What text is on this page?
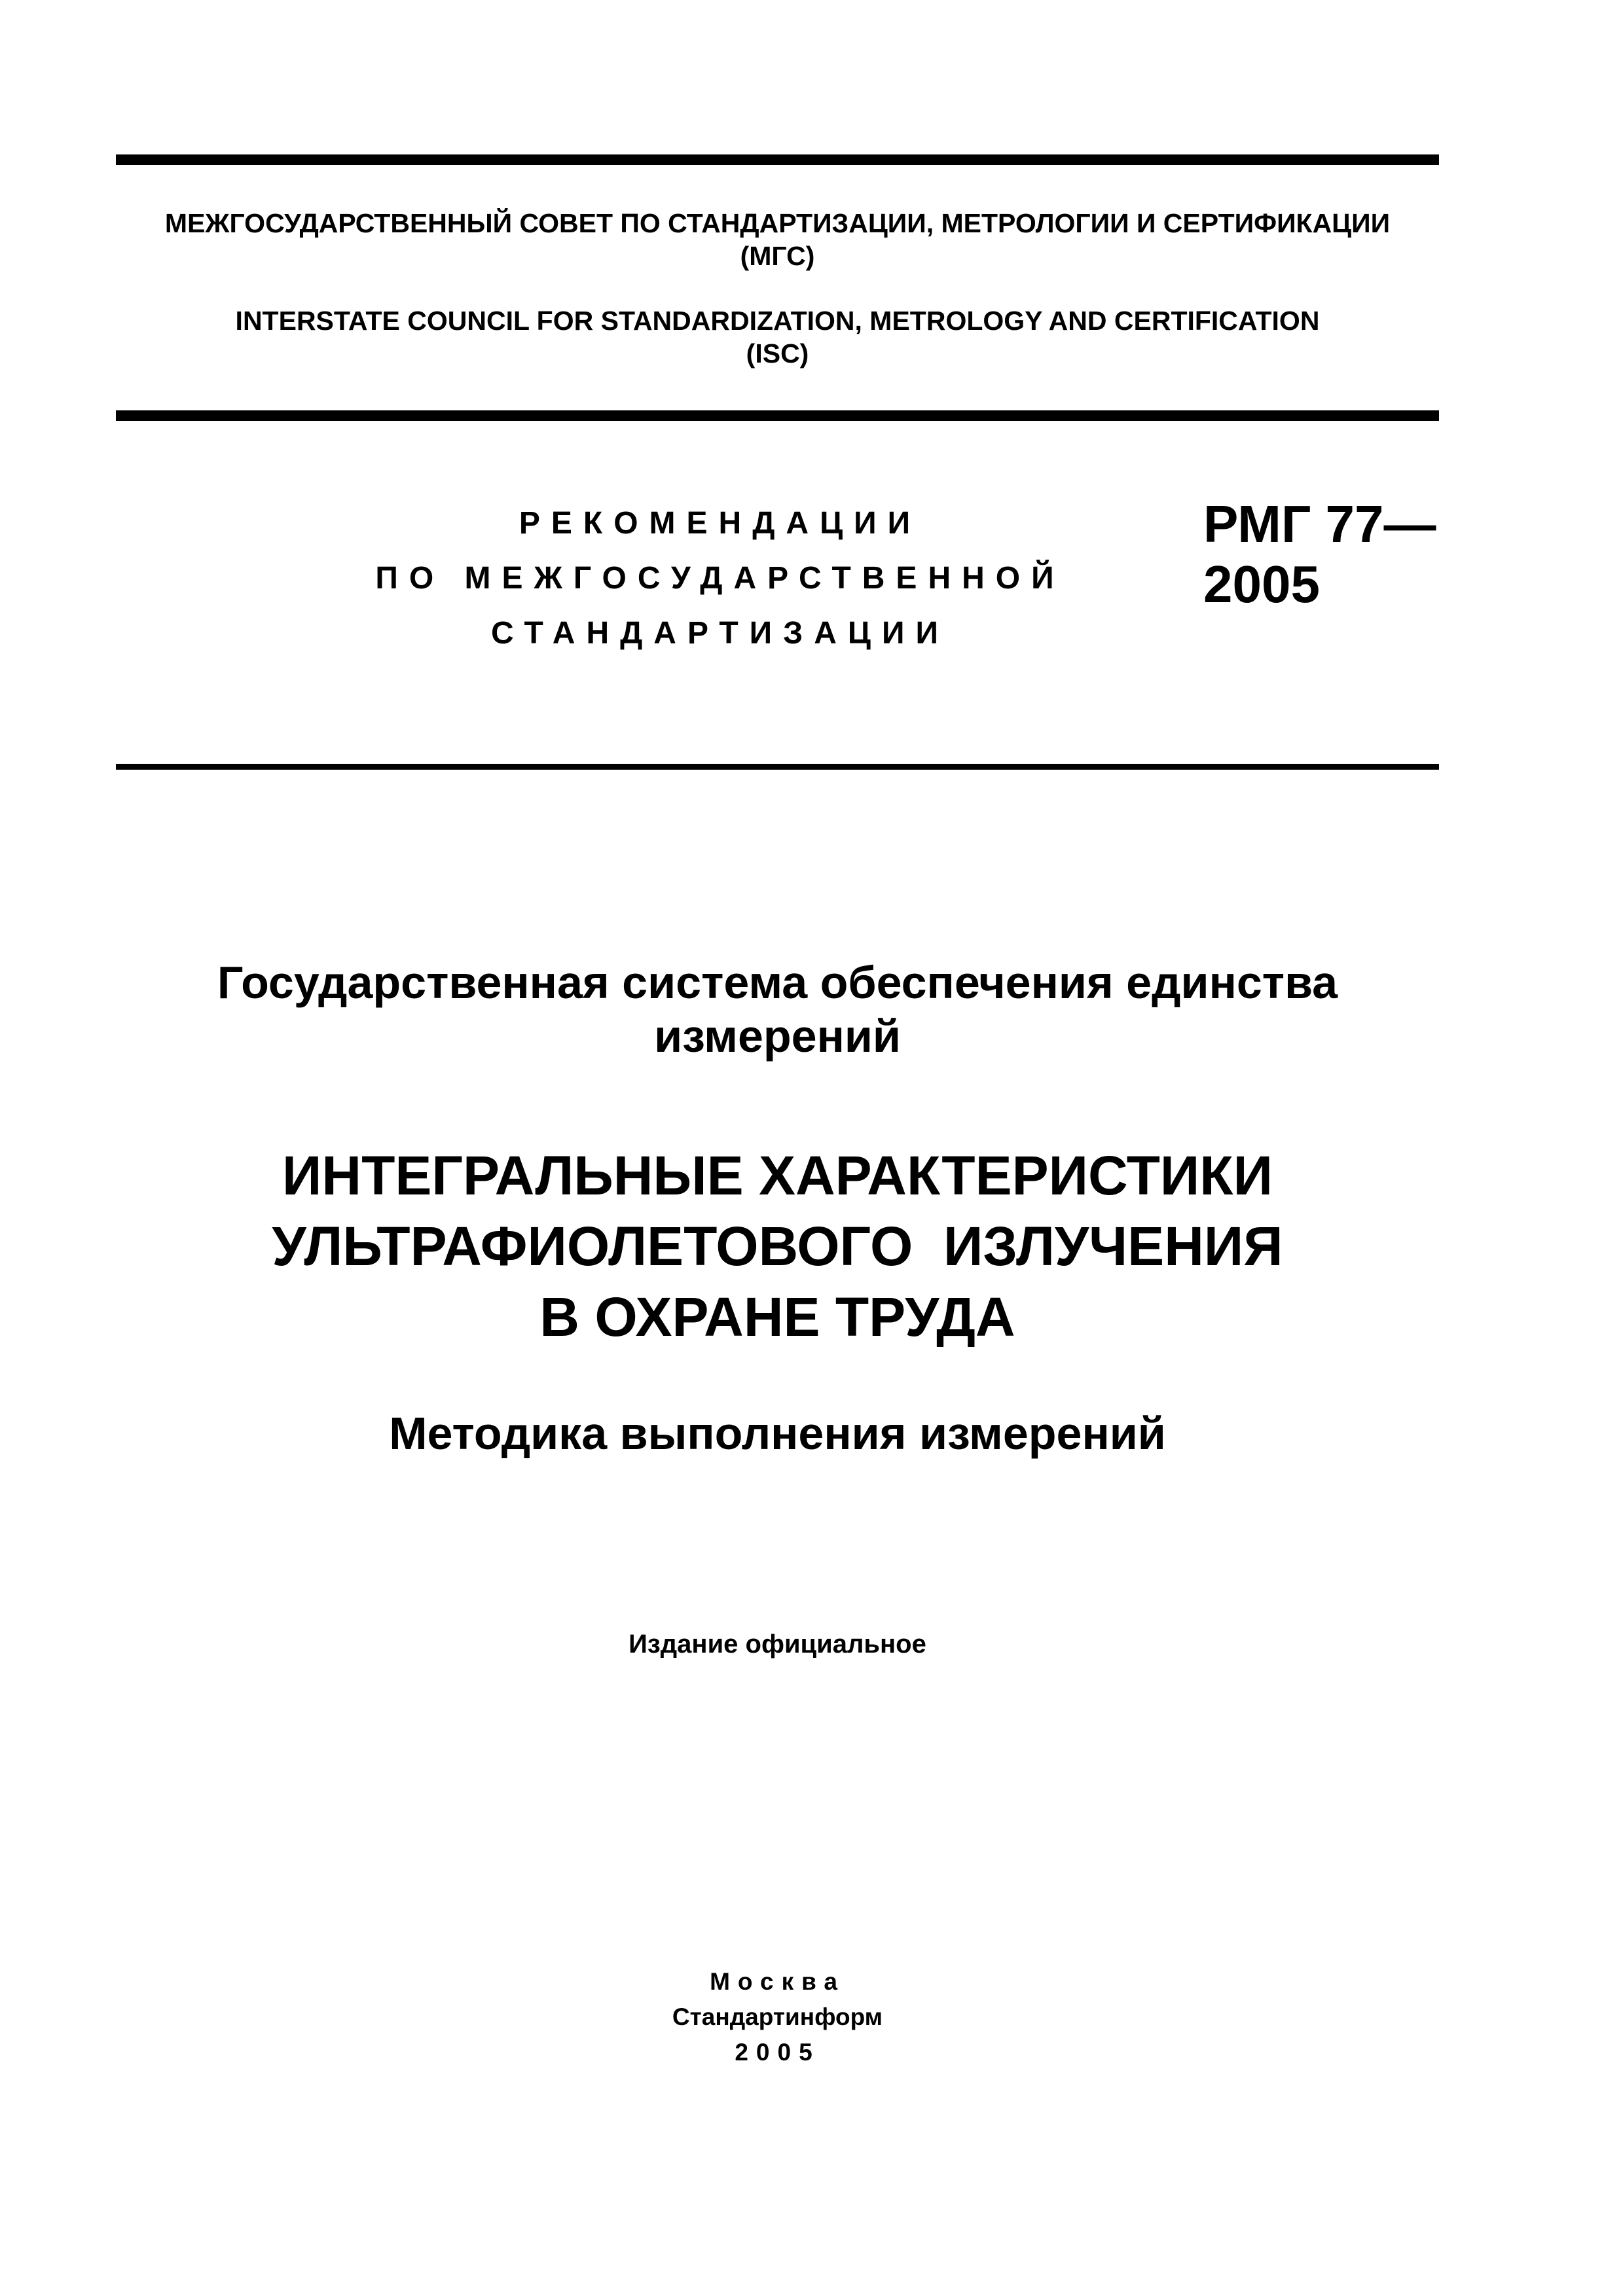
МЕЖГОСУДАРСТВЕННЫЙ СОВЕТ ПО СТАНДАРТИЗАЦИИ, МЕТРОЛОГИИ И СЕРТИФИКАЦИИ
(МГС)
INTERSTATE COUNCIL FOR STANDARDIZATION, METROLOGY AND CERTIFICATION
(ISC)
РЕКОМЕНДАЦИИ
ПО МЕЖГОСУДАРСТВЕННОЙ
СТАНДАРТИЗАЦИИ
РМГ 77—
2005
Государственная система обеспечения единства
измерений
ИНТЕГРАЛЬНЫЕ ХАРАКТЕРИСТИКИ
УЛЬТРАФИОЛЕТОВОГО  ИЗЛУЧЕНИЯ
В ОХРАНЕ ТРУДА
Методика выполнения измерений
Издание официальное
Москва
Стандартинформ
2005
